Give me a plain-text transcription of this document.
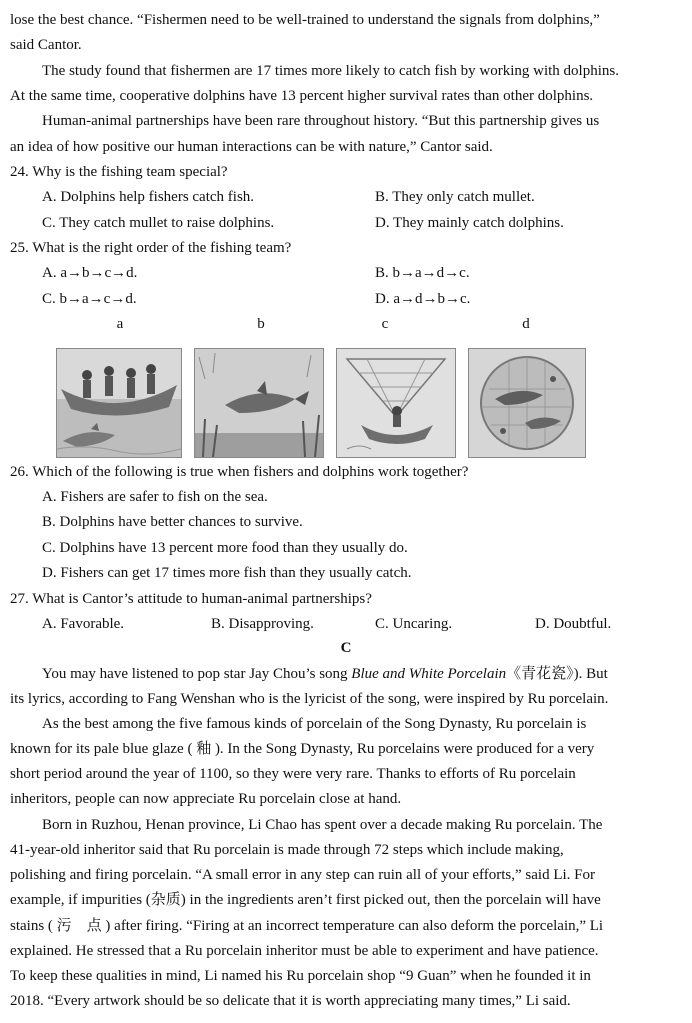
lose the best chance. “Fishermen need to be well-trained to understand the signals from dolphins,”
said Cantor.
The study found that fishermen are 17 times more likely to catch fish by working with dolphins.
At the same time, cooperative dolphins have 13 percent higher survival rates than other dolphins.
Human-animal partnerships have been rare throughout history. “But this partnership gives us
an idea of how positive our human interactions can be with nature,” Cantor said.
24. Why is the fishing team special?
A. Dolphins help fishers catch fish.	B. They only catch mullet.
C. They catch mullet to raise dolphins.	D. They mainly catch dolphins.
25. What is the right order of the fishing team?
A. a→b→c→d.	B. b→a→d→c.
C. b→a→c→d.	D. a→d→b→c.
a	b	c	d
26. Which of the following is true when fishers and dolphins work together?
A. Fishers are safer to fish on the sea.
B. Dolphins have better chances to survive.
C. Dolphins have 13 percent more food than they usually do.
D. Fishers can get 17 times more fish than they usually catch.
27. What is Cantor’s attitude to human-animal partnerships?
A. Favorable.	B. Disapproving.	C. Uncaring.	D. Doubtful.
C
You may have listened to pop star Jay Chou’s song Blue and White Porcelain《青花瓷》). But
its lyrics, according to Fang Wenshan who is the lyricist of the song, were inspired by Ru porcelain.
As the best among the five famous kinds of porcelain of the Song Dynasty, Ru porcelain is
known for its pale blue glaze ( 釉 ). In the Song Dynasty, Ru porcelains were produced for a very
short period around the year of 1100, so they were very rare. Thanks to efforts of Ru porcelain
inheritors, people can now appreciate Ru porcelain close at hand.
Born in Ruzhou, Henan province, Li Chao has spent over a decade making Ru porcelain. The
41-year-old inheritor said that Ru porcelain is made through 72 steps which include making,
polishing and firing porcelain. “A small error in any step can ruin all of your efforts,” said Li. For
example, if impurities (杂质) in the ingredients aren’t first picked out, then the porcelain will have
stains ( 污　点 ) after firing. “Firing at an incorrect temperature can also deform the porcelain,” Li
explained. He stressed that a Ru porcelain inheritor must be able to experiment and have patience.
To keep these qualities in mind, Li named his Ru porcelain shop “9 Guan” when he founded it in
2018. “Every artwork should be so delicate that it is worth appreciating many times,” Li said.
